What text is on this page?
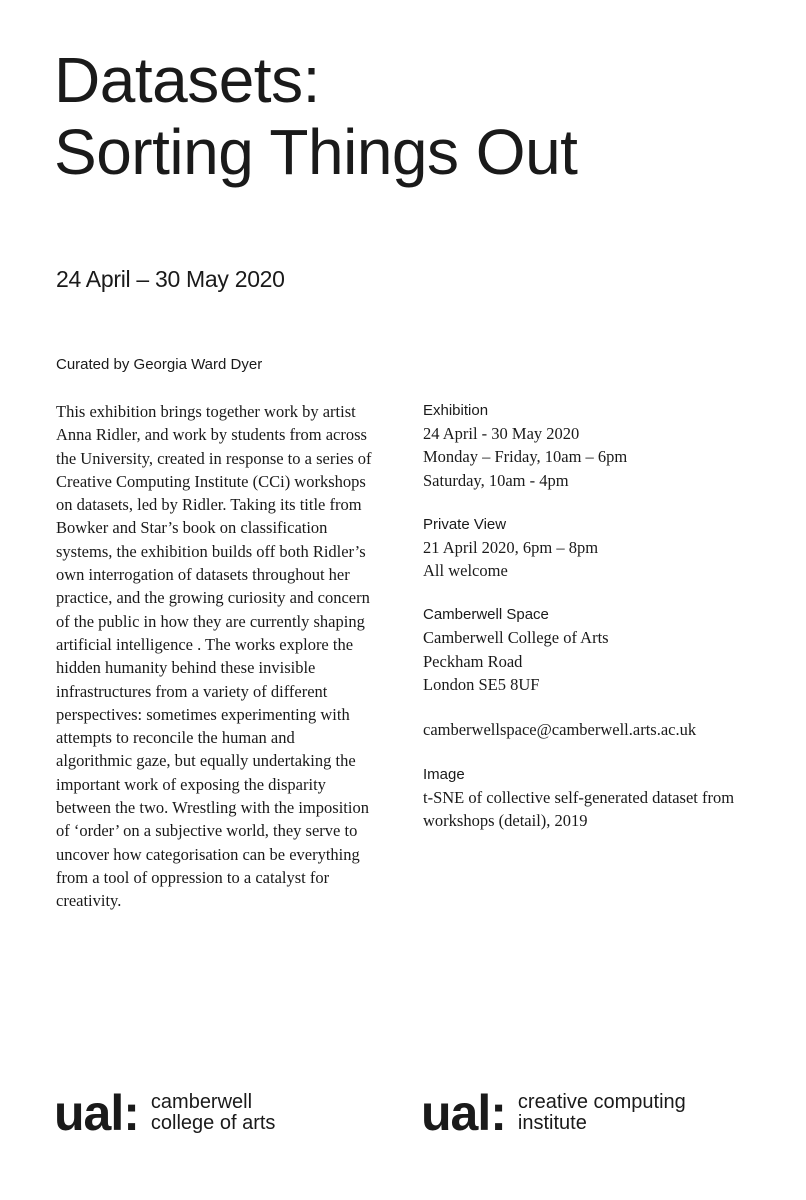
Datasets:
Sorting Things Out
24 April – 30 May 2020

Curated by Georgia Ward Dyer

This exhibition brings together work by artist
Anna Ridler, and work by students from across
the University, created in response to a series of
Creative Computing Institute (CCi) workshops
on datasets, led by Ridler. Taking its title from
Bowker and Star’s book on classification
systems, the exhibition builds off both Ridler’s
own interrogation of datasets throughout her
practice, and the growing curiosity and concern
of the public in how they are currently shaping
artificial intelligence . The works explore the
hidden humanity behind these invisible
infrastructures from a variety of different
perspectives: sometimes experimenting with
attempts to reconcile the human and
algorithmic gaze, but equally undertaking the
important work of exposing the disparity
between the two. Wrestling with the imposition
of ‘order’ on a subjective world, they serve to
uncover how categorisation can be everything
from a tool of oppression to a catalyst for
creativity.
Exhibition
24 April - 30 May 2020
Monday – Friday, 10am – 6pm
Saturday, 10am - 4pm
Private View
21 April 2020, 6pm – 8pm
All welcome
Camberwell Space
Camberwell College of Arts
Peckham Road
London SE5 8UF
camberwellspace@camberwell.arts.ac.uk
Image
t-SNE of collective self-generated dataset from
workshops (detail), 2019
ual: camberwell
college of arts	ual: creative computing
institute
